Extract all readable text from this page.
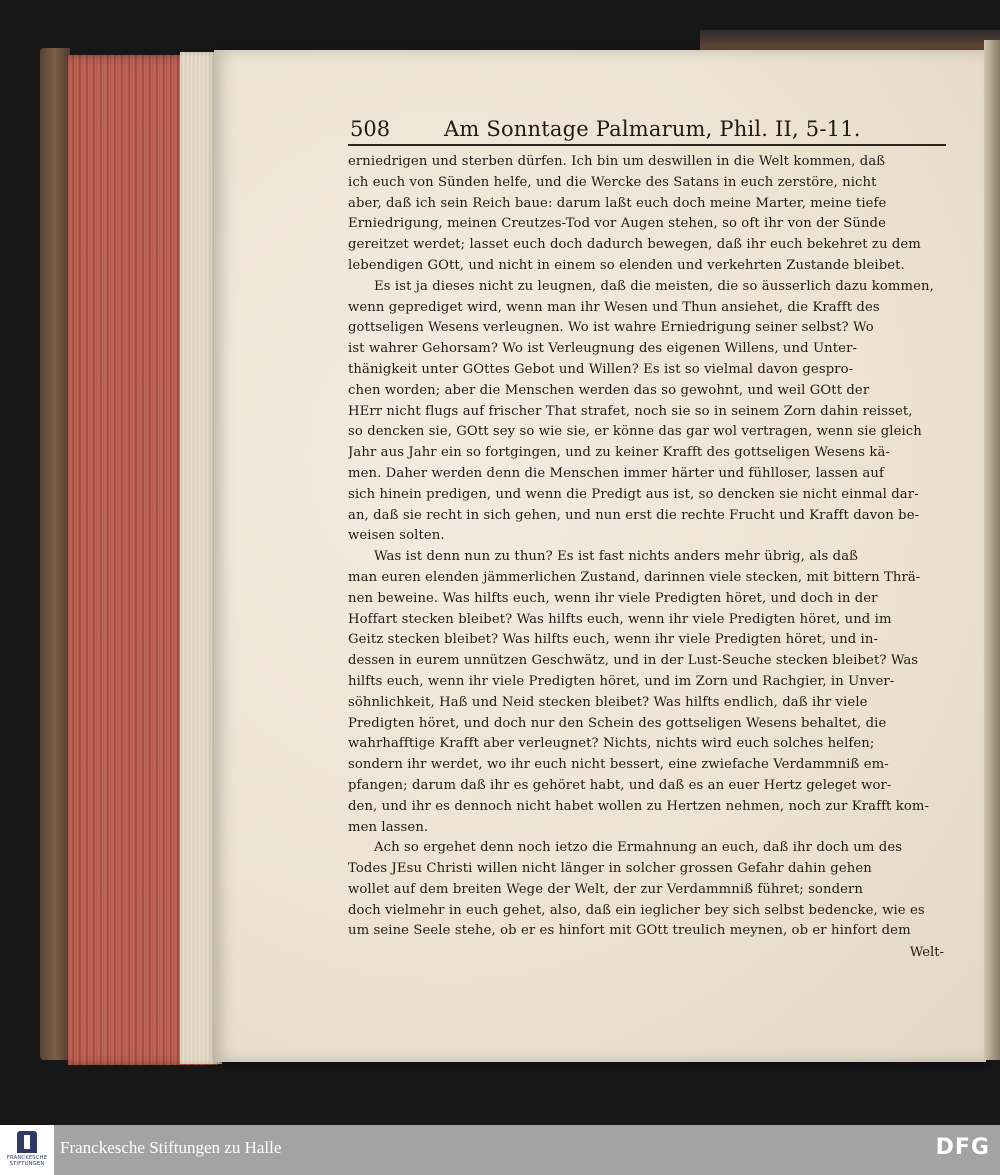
508	Am Sonntage Palmarum, Phil. II, 5-11.
erniedrigen und sterben dürfen. Ich bin um deswillen in die Welt kommen, daß
ich euch von Sünden helfe, und die Wercke des Satans in euch zerstöre, nicht
aber, daß ich sein Reich baue: darum laßt euch doch meine Marter, meine tiefe
Erniedrigung, meinen Creutzes-Tod vor Augen stehen, so oft ihr von der Sünde
gereitzet werdet; lasset euch doch dadurch bewegen, daß ihr euch bekehret zu dem
lebendigen GOtt, und nicht in einem so elenden und verkehrten Zustande bleibet.
Es ist ja dieses nicht zu leugnen, daß die meisten, die so äusserlich dazu kommen,
wenn geprediget wird, wenn man ihr Wesen und Thun ansiehet, die Krafft des
gottseligen Wesens verleugnen. Wo ist wahre Erniedrigung seiner selbst? Wo
ist wahrer Gehorsam? Wo ist Verleugnung des eigenen Willens, und Unter-
thänigkeit unter GOttes Gebot und Willen? Es ist so vielmal davon gespro-
chen worden; aber die Menschen werden das so gewohnt, und weil GOtt der
HErr nicht flugs auf frischer That strafet, noch sie so in seinem Zorn dahin reisset,
so dencken sie, GOtt sey so wie sie, er könne das gar wol vertragen, wenn sie gleich
Jahr aus Jahr ein so fortgingen, und zu keiner Krafft des gottseligen Wesens kä-
men. Daher werden denn die Menschen immer härter und fühlloser, lassen auf
sich hinein predigen, und wenn die Predigt aus ist, so dencken sie nicht einmal dar-
an, daß sie recht in sich gehen, und nun erst die rechte Frucht und Krafft davon be-
weisen solten.
Was ist denn nun zu thun? Es ist fast nichts anders mehr übrig, als daß
man euren elenden jämmerlichen Zustand, darinnen viele stecken, mit bittern Thrä-
nen beweine. Was hilfts euch, wenn ihr viele Predigten höret, und doch in der
Hoffart stecken bleibet? Was hilfts euch, wenn ihr viele Predigten höret, und im
Geitz stecken bleibet? Was hilfts euch, wenn ihr viele Predigten höret, und in-
dessen in eurem unnützen Geschwätz, und in der Lust-Seuche stecken bleibet? Was
hilfts euch, wenn ihr viele Predigten höret, und im Zorn und Rachgier, in Unver-
söhnlichkeit, Haß und Neid stecken bleibet? Was hilfts endlich, daß ihr viele
Predigten höret, und doch nur den Schein des gottseligen Wesens behaltet, die
wahrhafftige Krafft aber verleugnet? Nichts, nichts wird euch solches helfen;
sondern ihr werdet, wo ihr euch nicht bessert, eine zwiefache Verdammniß em-
pfangen; darum daß ihr es gehöret habt, und daß es an euer Hertz geleget wor-
den, und ihr es dennoch nicht habet wollen zu Hertzen nehmen, noch zur Krafft kom-
men lassen.
Ach so ergehet denn noch ietzo die Ermahnung an euch, daß ihr doch um des
Todes JEsu Christi willen nicht länger in solcher grossen Gefahr dahin gehen
wollet auf dem breiten Wege der Welt, der zur Verdammniß führet; sondern
doch vielmehr in euch gehet, also, daß ein ieglicher bey sich selbst bedencke, wie es
um seine Seele stehe, ob er es hinfort mit GOtt treulich meynen, ob er hinfort dem
Welt-
FRANCKESCHE STIFTUNGEN
Franckesche Stiftungen zu Halle	DFG
